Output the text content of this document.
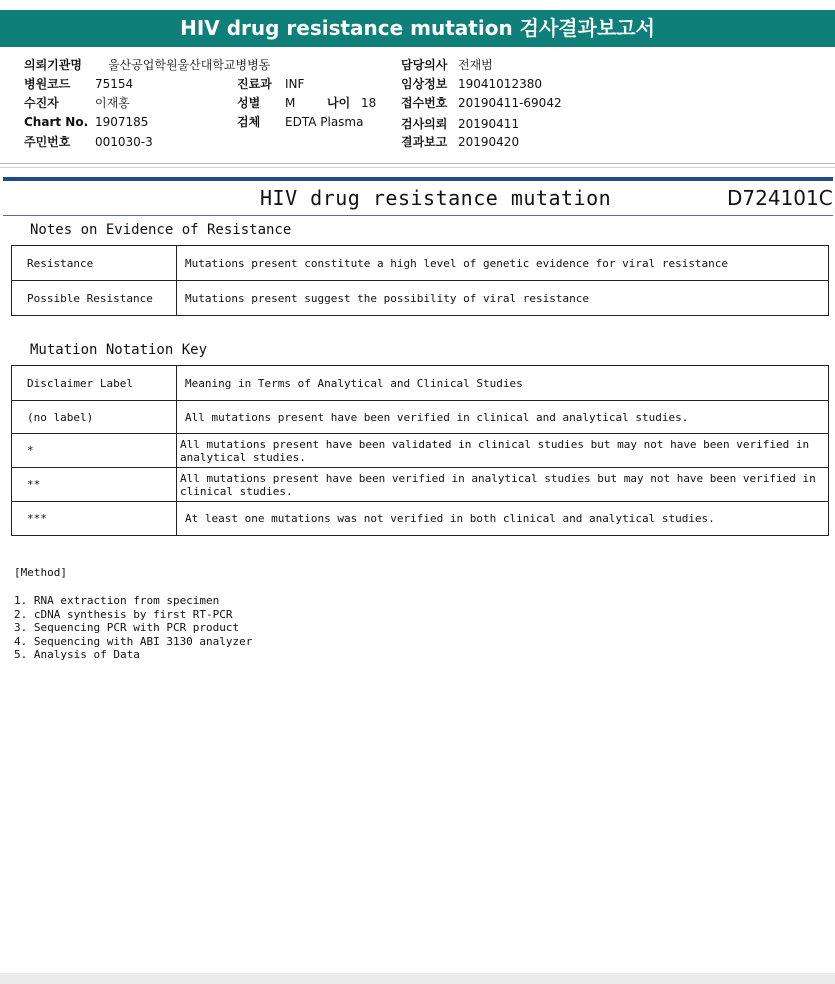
HIV drug resistance mutation 검사결과보고서
의뢰기관명 울산공업학원울산대학교병병동
병원코드 75154
수진자	이재홍
Chart No. 1907185
주민번호 001030-3
진료과 INF
성별 M	나이 18
검체 EDTA Plasma
담당의사 전재범
임상정보 19041012380
접수번호 20190411-69042
검사의뢰 20190411
결과보고 20190420
HIV drug resistance mutation	D724101C
Notes on Evidence of Resistance
Resistance	Mutations present constitute a high level of genetic evidence for viral resistance
Possible Resistance	Mutations present suggest the possibility of viral resistance
Mutation Notation Key
Disclaimer Label	Meaning in Terms of Analytical and Clinical Studies
(no label)	All mutations present have been verified in clinical and analytical studies.
*	All mutations present have been validated in clinical studies but may not have been verified in analytical studies.
**	All mutations present have been verified in analytical studies but may not have been verified in clinical studies.
***	At least one mutations was not verified in both clinical and analytical studies.
[Method]
1. RNA extraction from specimen
2. cDNA synthesis by first RT-PCR
3. Sequencing PCR with PCR product
4. Sequencing with ABI 3130 analyzer
5. Analysis of Data
